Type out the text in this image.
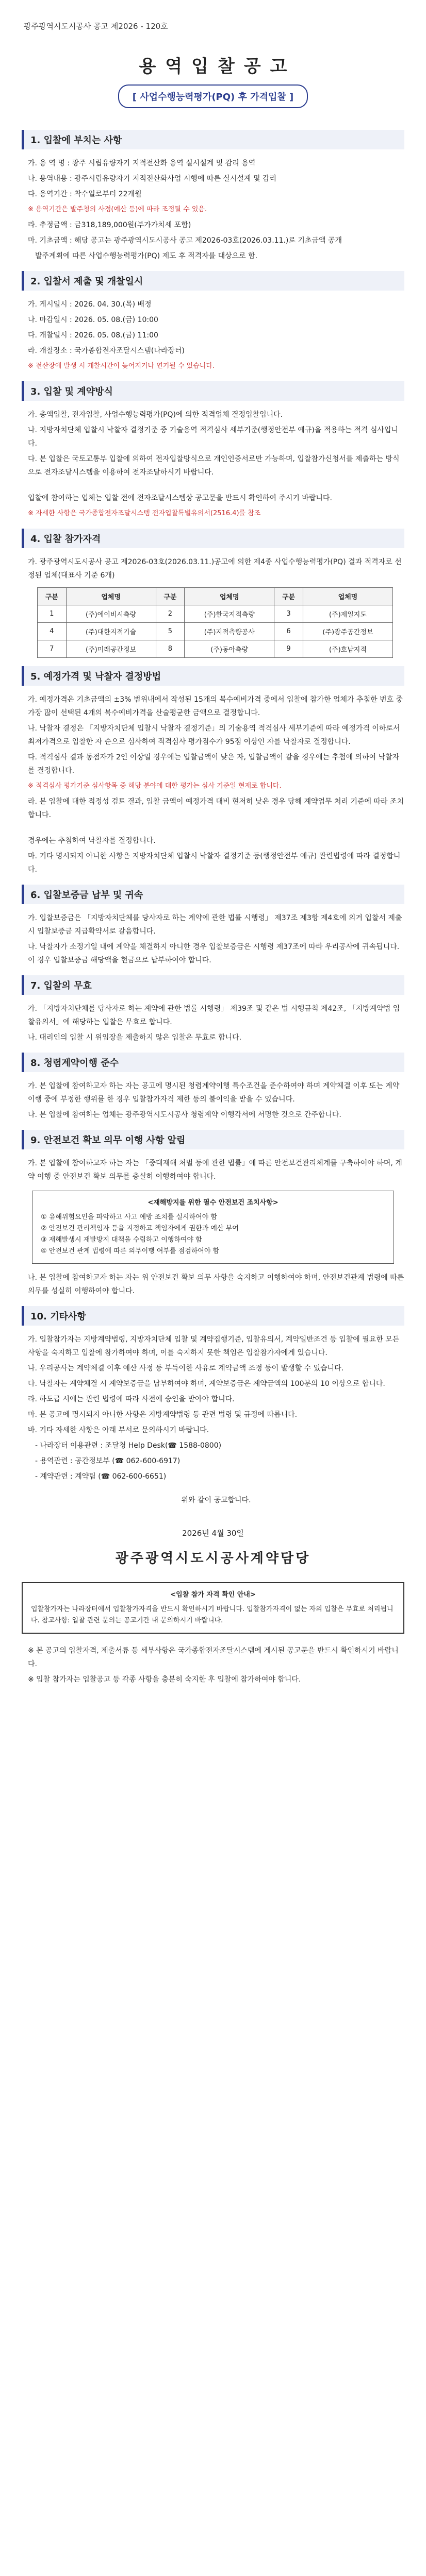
광주광역시도시공사 공고 제2026 - 120호
용역입찰공고
[ 사업수행능력평가(PQ) 후 가격입찰 ]
1. 입찰에 부치는 사항
가. 용 역 명 : 광주 시립유량자기 지적전산화 용역 실시설계 및 감리 용역
나. 용역내용 : 광주시립유량자기 지적전산화사업 시행에 따른 실시설계 및 감리
다. 용역기간 : 착수일로부터 22개월
※ 용역기간은 발주청의 사정(예산 등)에 따라 조정될 수 있음.
라. 추정금액 : 금318,189,000원(부가가치세 포함)
마. 기초금액 : 해당 공고는 광주광역시도시공사 공고 제2026-03호(2026.03.11.)로 기초금액 공개
발주계획에 따른 사업수행능력평가(PQ) 제도 후 적격자를 대상으로 함.
2. 입찰서 제출 및 개찰일시
가. 게시일시 : 2026. 04. 30.(목) 배정
나. 마감일시 : 2026. 05. 08.(금) 10:00
다. 개찰일시 : 2026. 05. 08.(금) 11:00
라. 개찰장소 : 국가종합전자조달시스템(나라장터)
※ 전산장애 발생 시 개찰시간이 늦어지거나 연기될 수 있습니다.
3. 입찰 및 계약방식
가. 총액입찰, 전자입찰, 사업수행능력평가(PQ)에 의한 적격업체 결정입찰입니다.
나. 지방자치단체 입찰시 낙찰자 결정기준 중 기술용역 적격심사 세부기준(행정안전부 예규)을 적용하는 적격 심사입니다.
다. 본 입찰은 국토교통부 입찰에 의하여 전자입찰방식으로 개인인증서로만 가능하며, 입찰참가신청서를 제출하는 방식으로 전자조달시스템을 이용하여 전자조달하시기 바랍니다.
입찰에 참여하는 업체는 입찰 전에 전자조달시스템상 공고문을 반드시 확인하여 주시기 바랍니다.
※ 자세한 사항은 국가종합전자조달시스템 전자입찰특별유의서(2516.4)를 참조
4. 입찰 참가자격
가. 광주광역시도시공사 공고 제2026-03호(2026.03.11.)공고에 의한 제4종 사업수행능력평가(PQ) 결과 적격자로 선정된 업체(대표사 기준 6개)
구분	업체명	구분	업체명	구분	업체명
1	(주)에이비시측량	2	(주)한국지적측량	3	(주)제일지도
4	(주)대한지적기술	5	(주)지적측량공사	6	(주)광주공간정보
7	(주)미래공간정보	8	(주)동아측량	9	(주)호남지적
5. 예정가격 및 낙찰자 결정방법
가. 예정가격은 기초금액의 ±3% 범위내에서 작성된 15개의 복수예비가격 중에서 입찰에 참가한 업체가 추첨한 번호 중 가장 많이 선택된 4개의 복수예비가격을 산술평균한 금액으로 결정합니다.
나. 낙찰자 결정은 「지방자치단체 입찰시 낙찰자 결정기준」의 기술용역 적격심사 세부기준에 따라 예정가격 이하로서 최저가격으로 입찰한 자 순으로 심사하여 적격심사 평가점수가 95점 이상인 자를 낙찰자로 결정합니다.
다. 적격심사 결과 동점자가 2인 이상일 경우에는 입찰금액이 낮은 자, 입찰금액이 같을 경우에는 추첨에 의하여 낙찰자를 결정합니다.
※ 적격심사 평가기준 심사항목 중 해당 분야에 대한 평가는 심사 기준일 현재로 합니다.
라. 본 입찰에 대한 적정성 검토 결과, 입찰 금액이 예정가격 대비 현저히 낮은 경우 당해 계약업무 처리 기준에 따라 조치합니다.
경우에는 추첨하여 낙찰자를 결정합니다.
마. 기타 명시되지 아니한 사항은 지방자치단체 입찰시 낙찰자 결정기준 등(행정안전부 예규) 관련법령에 따라 결정합니다.
6. 입찰보증금 납부 및 귀속
가. 입찰보증금은 「지방자치단체를 당사자로 하는 계약에 관한 법률 시행령」 제37조 제3항 제4호에 의거 입찰서 제출 시 입찰보증금 지급확약서로 갈음합니다.
나. 낙찰자가 소정기일 내에 계약을 체결하지 아니한 경우 입찰보증금은 시행령 제37조에 따라 우리공사에 귀속됩니다. 이 경우 입찰보증금 해당액을 현금으로 납부하여야 합니다.
7. 입찰의 무효
가. 「지방자치단체를 당사자로 하는 계약에 관한 법률 시행령」 제39조 및 같은 법 시행규칙 제42조, 「지방계약법 입찰유의서」에 해당하는 입찰은 무효로 합니다.
나. 대리인의 입찰 시 위임장을 제출하지 않은 입찰은 무효로 합니다.
8. 청렴계약이행 준수
가. 본 입찰에 참여하고자 하는 자는 공고에 명시된 청렴계약이행 특수조건을 준수하여야 하며 계약체결 이후 또는 계약 이행 중에 부정한 행위를 한 경우 입찰참가자격 제한 등의 불이익을 받을 수 있습니다.
나. 본 입찰에 참여하는 업체는 광주광역시도시공사 청렴계약 이행각서에 서명한 것으로 간주합니다.
9. 안전보건 확보 의무 이행 사항 알림
가. 본 입찰에 참여하고자 하는 자는 「중대재해 처벌 등에 관한 법률」에 따른 안전보건관리체계를 구축하여야 하며, 계약 이행 중 안전보건 확보 의무를 충실히 이행하여야 합니다.
<재해방지를 위한 필수 안전보건 조치사항>
① 유해위험요인을 파악하고 사고 예방 조치를 실시하여야 함
② 안전보건 관리책임자 등을 지정하고 책임자에게 권한과 예산 부여
③ 재해발생시 재발방지 대책을 수립하고 이행하여야 함
④ 안전보건 관계 법령에 따른 의무이행 여부를 점검하여야 함
나. 본 입찰에 참여하고자 하는 자는 위 안전보건 확보 의무 사항을 숙지하고 이행하여야 하며, 안전보건관계 법령에 따른 의무를 성실히 이행하여야 합니다.
10. 기타사항
가. 입찰참가자는 지방계약법령, 지방자치단체 입찰 및 계약집행기준, 입찰유의서, 계약일반조건 등 입찰에 필요한 모든 사항을 숙지하고 입찰에 참가하여야 하며, 이를 숙지하지 못한 책임은 입찰참가자에게 있습니다.
나. 우리공사는 계약체결 이후 예산 사정 등 부득이한 사유로 계약금액 조정 등이 발생할 수 있습니다.
다. 낙찰자는 계약체결 시 계약보증금을 납부하여야 하며, 계약보증금은 계약금액의 100분의 10 이상으로 합니다.
라. 하도급 시에는 관련 법령에 따라 사전에 승인을 받아야 합니다.
마. 본 공고에 명시되지 아니한 사항은 지방계약법령 등 관련 법령 및 규정에 따릅니다.
바. 기타 자세한 사항은 아래 부서로 문의하시기 바랍니다.
- 나라장터 이용관련 : 조달청 Help Desk(☎ 1588-0800)
- 용역관련 : 공간정보부 (☎ 062-600-6917)
- 계약관련 : 계약팀 (☎ 062-600-6651)
위와 같이 공고합니다.
2026년 4월 30일
광주광역시도시공사계약담당
<입찰 참가 자격 확인 안내>
입찰참가자는 나라장터에서 입찰참가자격을 반드시 확인하시기 바랍니다. 입찰참가자격이 없는 자의 입찰은 무효로 처리됩니다. 참고사항: 입찰 관련 문의는 공고기간 내 문의하시기 바랍니다.
※ 본 공고의 입찰자격, 제출서류 등 세부사항은 국가종합전자조달시스템에 게시된 공고문을 반드시 확인하시기 바랍니다.
※ 입찰 참가자는 입찰공고 등 각종 사항을 충분히 숙지한 후 입찰에 참가하여야 합니다.
